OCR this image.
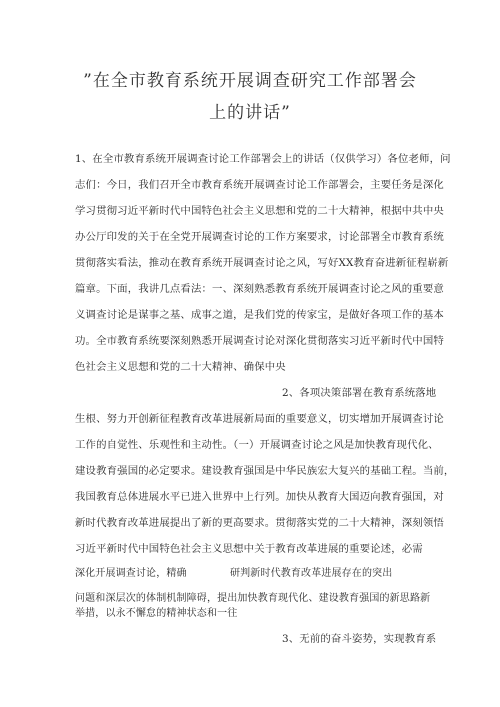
”在全市教育系统开展调查研究工作部署会
上的讲话”
1、在全市教育系统开展调查讨论工作部署会上的讲话（仅供学习）各位老师，问
志们：今日，我们召开全市教育系统开展调查讨论工作部署会，主要任务是深化
学习贯彻习近平新时代中国特色社会主义思想和党的二十大精神，根据中共中央
办公厅印发的关于在全党开展调查讨论的工作方案要求，讨论部署全市教育系统
贯彻落实看法，推动在教育系统开展调查讨论之风，写好XX教育奋进新征程崭新
篇章。下面，我讲几点看法：一、深刻熟悉教育系统开展调查讨论之风的重要意
义调查讨论是谋事之基、成事之道，是我们党的传家宝，是做好各项工作的基本
功。全市教育系统要深刻熟悉开展调查讨论对深化贯彻落实习近平新时代中国特
色社会主义思想和党的二十大精神、确保中央
2、各项决策部署在教育系统落地
生根、努力开创新征程教育改革进展新局面的重要意义，切实增加开展调查讨论
工作的自觉性、乐观性和主动性。（一）开展调查讨论之风是加快教育现代化、
建设教育强国的必定要求。建设教育强国是中华民族宏大复兴的基础工程。当前，
我国教育总体进展水平已进入世界中上行列。加快从教育大国迈向教育强国，对
新时代教育改革进展提出了新的更高要求。贯彻落实党的二十大精神，深刻领悟
习近平新时代中国特色社会主义思想中关于教育改革进展的重要论述，必需
深化开展调查讨论，精确	研判新时代教育改革进展存在的突出
问题和深层次的体制机制障碍，提出加快教育现代化、建设教育强国的新思路新
举措，以永不懈怠的精神状态和一往
3、无前的奋斗姿势，实现教育系
